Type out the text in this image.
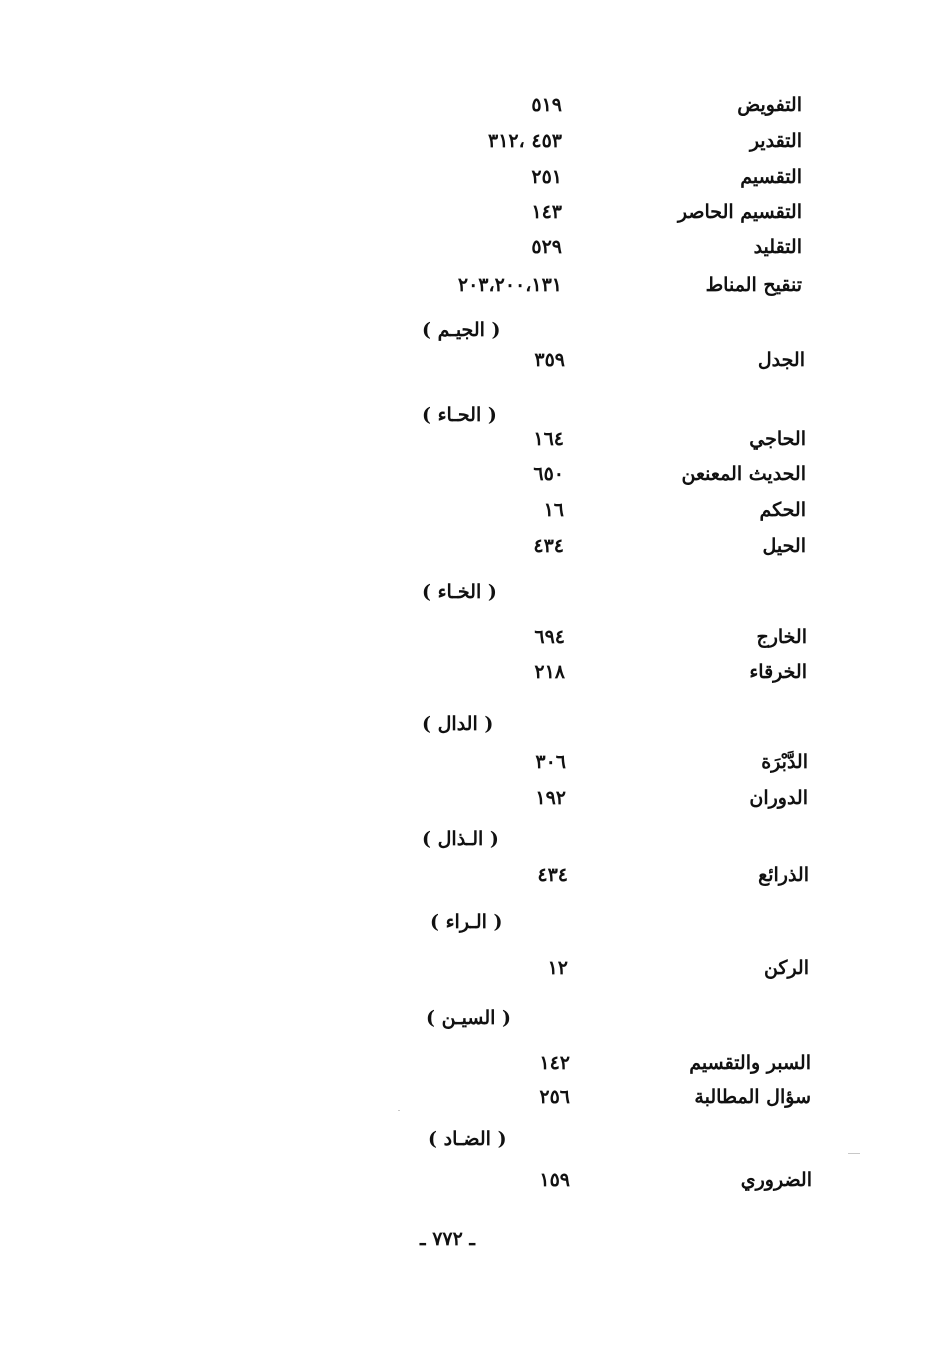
التفويض
٥١٩
التقدير
٤٥٣ ،٣١٢
التقسيم
٢٥١
التقسيم الحاصر
١٤٣
التقليد
٥٢٩
تنقيح المناط
٢٠٣،٢٠٠،١٣١
( الجيـم )
الجدل
٣٥٩
( الحـاء )
الحاجي
١٦٤
الحديث المعنعن
٦٥٠
الحكم
١٦
الحيل
٤٣٤
( الخـاء )
الخارج
٦٩٤
الخرقاء
٢١٨
( الدال )
الدَّبْرَة
٣٠٦
الدوران
١٩٢
( الـذال )
الذرائع
٤٣٤
( الـراء )
الركن
١٢
( السيـن )
السبر والتقسيم
١٤٢
سؤال المطالبة
٢٥٦
( الضـاد )
الضروري
١٥٩
ـ ٧٧٢ ـ
